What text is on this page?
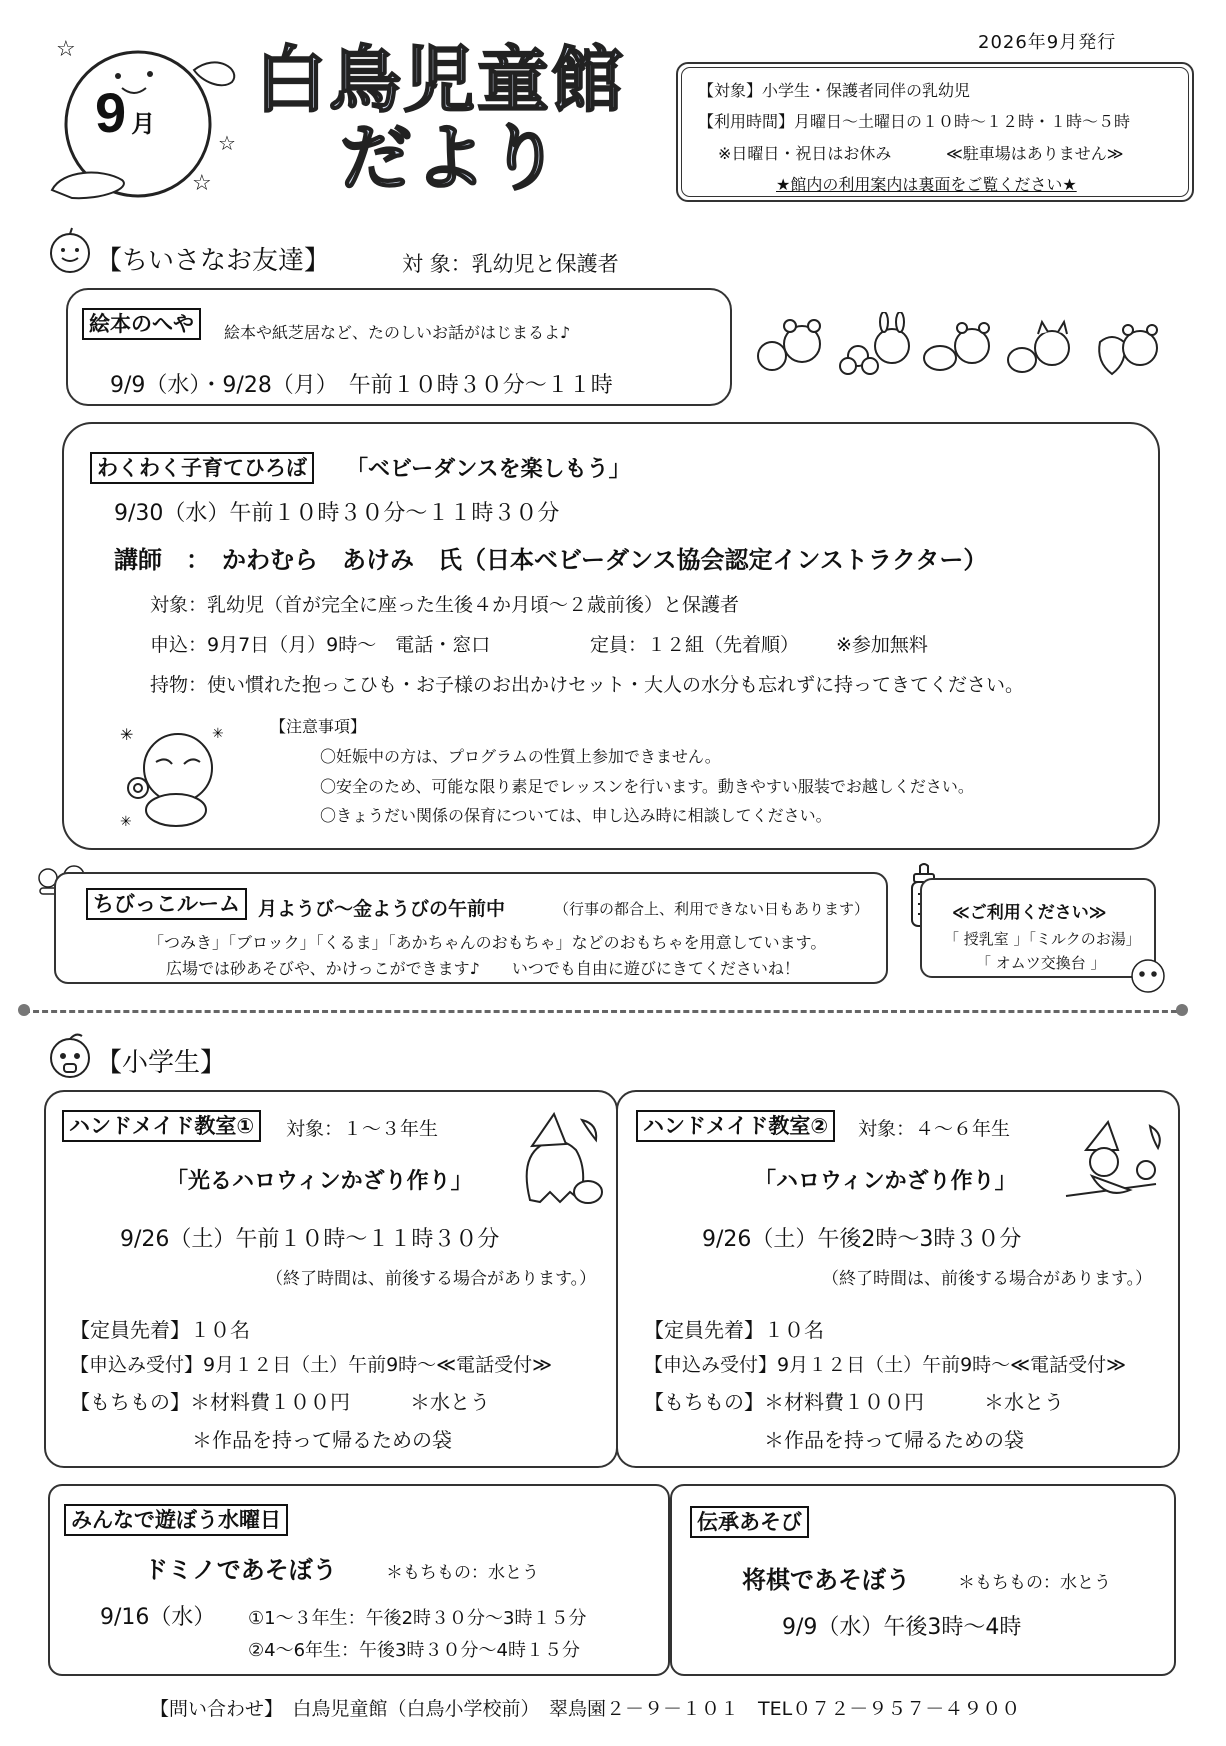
2026年9月発行
☆
☆
☆
9 月
白鳥児童館
だより
【対象】小学生・保護者同伴の乳幼児
【利用時間】月曜日～土曜日の１０時～１２時・１時～５時
※日曜日・祝日はお休み	≪駐車場はありません≫
★館内の利用案内は裏面をご覧ください★
【ちいさなお友達】	対 象：乳幼児と保護者
絵本のへや	絵本や紙芝居など、たのしいお話がはじまるよ♪
9/9（水）・9/28（月）　午前１０時３０分～１１時
わくわく子育てひろば	「ベビーダンスを楽しもう」
9/30（水）午前１０時３０分～１１時３０分
講師　：　かわむら　あけみ　氏（日本ベビーダンス協会認定インストラクター）
対象：乳幼児（首が完全に座った生後４か月頃～２歳前後）と保護者
申込：9月7日（月）9時～　電話・窓口	定員：１２組（先着順） ※参加無料
持物：使い慣れた抱っこひも・お子様のお出かけセット・大人の水分も忘れずに持ってきてください。
✳	✳
✳
【注意事項】
〇妊娠中の方は、プログラムの性質上参加できません。
〇安全のため、可能な限り素足でレッスンを行います。動きやすい服装でお越しください。
〇きょうだい関係の保育については、申し込み時に相談してください。
ちびっこルーム 月ようび～金ようびの午前中	（行事の都合上、利用できない日もあります）
「つみき」「ブロック」「くるま」「あかちゃんのおもちゃ」などのおもちゃを用意しています。
広場では砂あそびや、かけっこができます♪　　いつでも自由に遊びにきてくださいね！
≪ご利用ください≫
「 授乳室 」「ミルクのお湯」
「 オムツ交換台 」
【小学生】
ハンドメイド教室①	対象：１～３年生
「光るハロウィンかざり作り」
9/26（土）午前１０時～１１時３０分
（終了時間は、前後する場合があります。）
【定員先着】１０名
【申込み受付】9月１２日（土）午前9時～≪電話受付≫
【もちもの】＊材料費１００円　　　＊水とう
＊作品を持って帰るための袋
ハンドメイド教室②	対象：４～６年生
「ハロウィンかざり作り」
9/26（土）午後2時～3時３０分
（終了時間は、前後する場合があります。）
【定員先着】１０名
【申込み受付】9月１２日（土）午前9時～≪電話受付≫
【もちもの】＊材料費１００円　　　＊水とう
＊作品を持って帰るための袋
みんなで遊ぼう水曜日
ドミノであそぼう	＊もちもの：水とう
9/16（水） ①1～３年生：午後2時３０分～3時１５分
②4～6年生：午後3時３０分～4時１５分
伝承あそび
将棋であそぼう	＊もちもの：水とう
9/9（水）午後3時～4時
【問い合わせ】　白鳥児童館（白鳥小学校前）　翠鳥園２－９－１０１　TEL０７２－９５７－４９００
